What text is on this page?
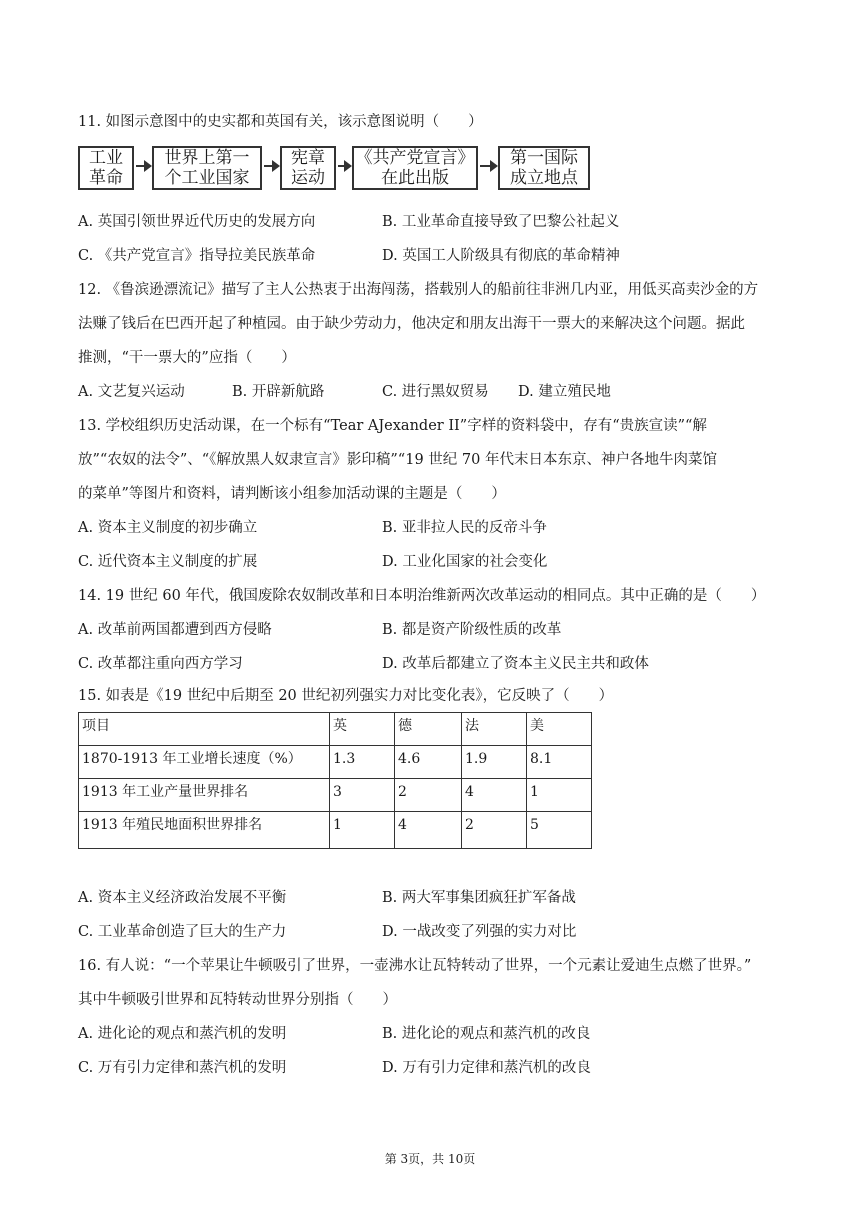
11. 如图示意图中的史实都和英国有关，该示意图说明（　　）
工业
革命
世界上第一
个工业国家
宪章
运动
《共产党宣言》
在此出版
第一国际
成立地点
A. 英国引领世界近代历史的发展方向	B. 工业革命直接导致了巴黎公社起义
C. 《共产党宣言》指导拉美民族革命	D. 英国工人阶级具有彻底的革命精神
12. 《鲁滨逊漂流记》描写了主人公热衷于出海闯荡，搭载别人的船前往非洲几内亚，用低买高卖沙金的方
法赚了钱后在巴西开起了种植园。由于缺少劳动力，他决定和朋友出海干一票大的来解决这个问题。据此
推测，“干一票大的”应指（　　）
A. 文艺复兴运动	B. 开辟新航路	C. 进行黑奴贸易 D. 建立殖民地
13. 学校组织历史活动课，在一个标有“Tear AJexander II”字样的资料袋中，存有“贵族宣读”“解
放”“农奴的法令”、“《解放黑人奴隶宣言》影印稿”“19 世纪 70 年代末日本东京、神户各地牛肉菜馆
的菜单”等图片和资料，请判断该小组参加活动课的主题是（　　）
A. 资本主义制度的初步确立	B. 亚非拉人民的反帝斗争
C. 近代资本主义制度的扩展	D. 工业化国家的社会变化
14. 19 世纪 60 年代，俄国废除农奴制改革和日本明治维新两次改革运动的相同点。其中正确的是（　　）
A. 改革前两国都遭到西方侵略	B. 都是资产阶级性质的改革
C. 改革都注重向西方学习	D. 改革后都建立了资本主义民主共和政体
15. 如表是《19 世纪中后期至 20 世纪初列强实力对比变化表》，它反映了（　　）
项目	英	德	法	美
1870-1913 年工业增长速度（%）	1.3	4.6	1.9	8.1
1913 年工业产量世界排名	3	2	4	1
1913 年殖民地面积世界排名	1	4	2	5
A. 资本主义经济政治发展不平衡	B. 两大军事集团疯狂扩军备战
C. 工业革命创造了巨大的生产力	D. 一战改变了列强的实力对比
16. 有人说：“一个苹果让牛顿吸引了世界，一壶沸水让瓦特转动了世界，一个元素让爱迪生点燃了世界。”
其中牛顿吸引世界和瓦特转动世界分别指（　　）
A. 进化论的观点和蒸汽机的发明	B. 进化论的观点和蒸汽机的改良
C. 万有引力定律和蒸汽机的发明	D. 万有引力定律和蒸汽机的改良
第 3页，共 10页
